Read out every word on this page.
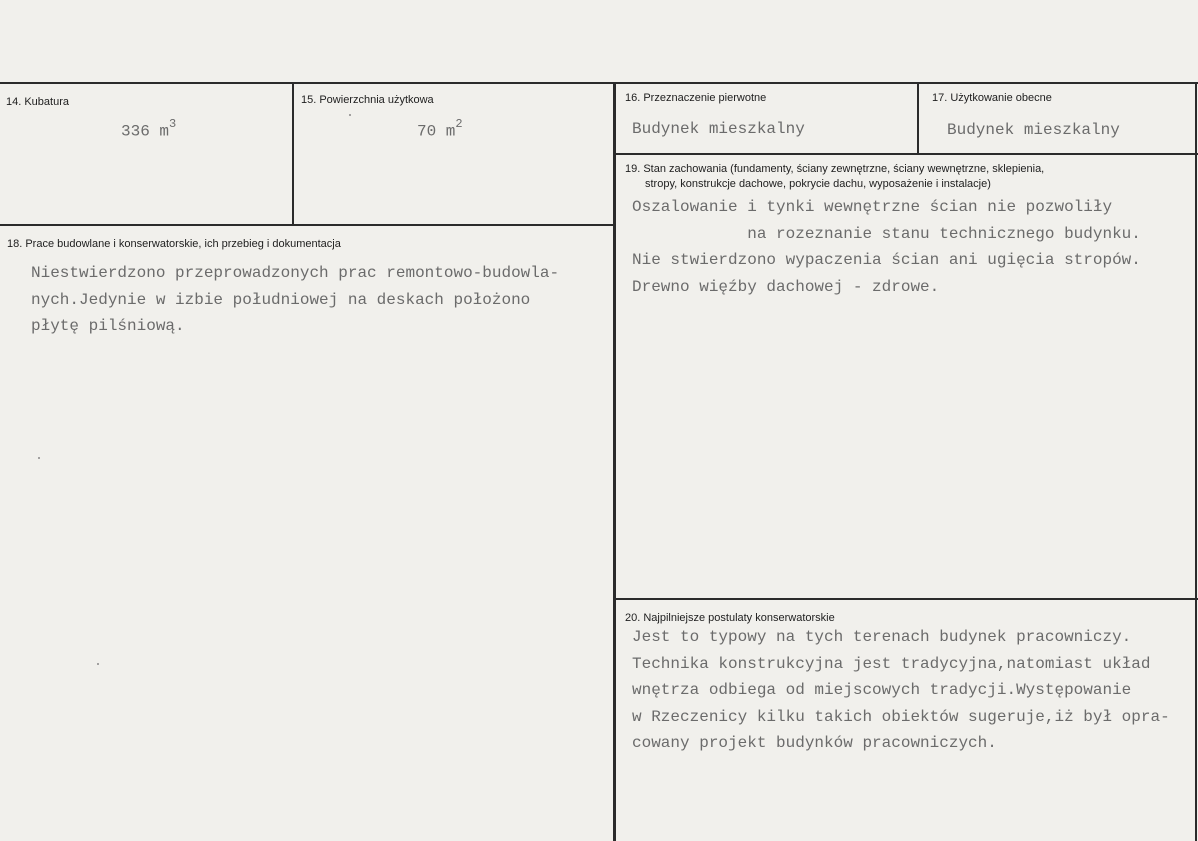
14. Kubatura
336 $m^3$
15. Powierzchnia użytkowa
70 $m^2$
16. Przeznaczenie pierwotne
Budynek mieszkalny
17. Użytkowanie obecne
Budynek mieszkalny
18. Prace budowlane i konserwatorskie, ich przebieg i dokumentacja
Niestwierdzono przeprowadzonych prac remontowo-budowla-
nych.Jedynie w izbie południowej na deskach położono
płytę pilśniową.
19. Stan zachowania (fundamenty, ściany zewnętrzne, ściany wewnętrzne, sklepienia,
stropy, konstrukcje dachowe, pokrycie dachu, wyposażenie i instalacje)
Oszalowanie i tynki wewnętrzne ścian nie pozwoliły
na rozeznanie stanu technicznego budynku.
Nie stwierdzono wypaczenia ścian ani ugięcia stropów.
Drewno więźby dachowej - zdrowe.
20. Najpilniejsze postulaty konserwatorskie
Jest to typowy na tych terenach budynek pracowniczy.
Technika konstrukcyjna jest tradycyjna,natomiast układ
wnętrza odbiega od miejscowych tradycji.Występowanie
w Rzeczenicy kilku takich obiektów sugeruje,iż był opra-
cowany projekt budynków pracowniczych.
